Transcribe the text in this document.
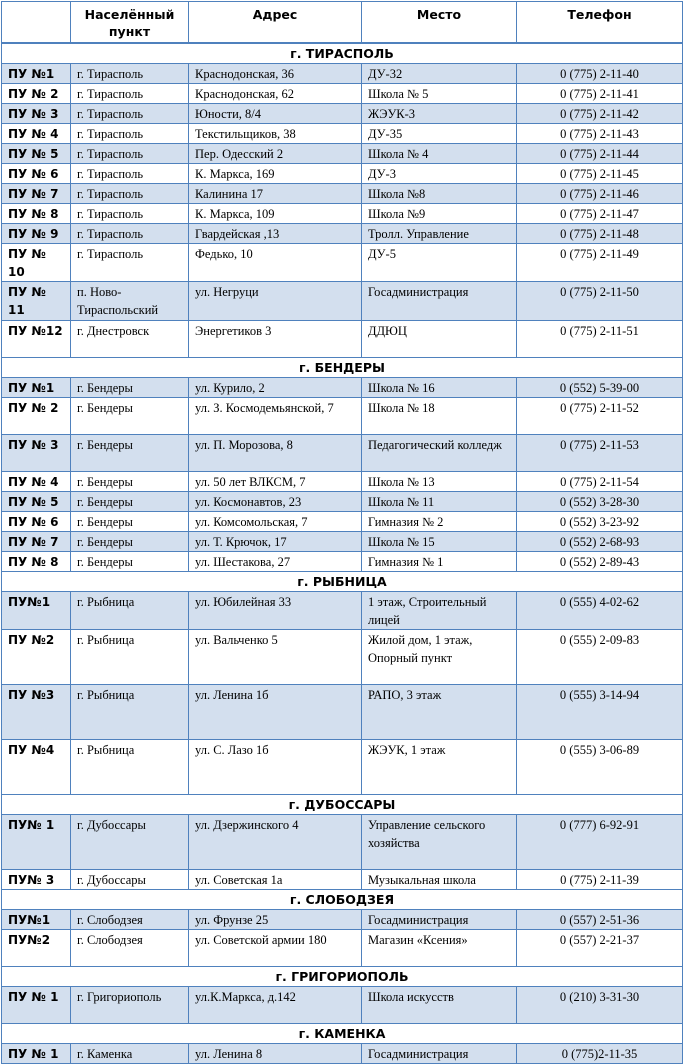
	Населённый пункт	Адрес	Место	Телефон
г. ТИРАСПОЛЬ				
ПУ №1	г. Тирасполь	Краснодонская, 36	ДУ-32	0 (775) 2-11-40
ПУ № 2	г. Тирасполь	Краснодонская, 62	Школа № 5	0 (775) 2-11-41
ПУ № 3	г. Тирасполь	Юности, 8/4	ЖЭУК-3	0 (775) 2-11-42
ПУ № 4	г. Тирасполь	Текстильщиков, 38	ДУ-35	0 (775) 2-11-43
ПУ № 5	г. Тирасполь	Пер. Одесский 2	Школа № 4	0 (775) 2-11-44
ПУ № 6	г. Тирасполь	К. Маркса, 169	ДУ-3	0 (775) 2-11-45
ПУ № 7	г. Тирасполь	Калинина 17	Школа №8	0 (775) 2-11-46
ПУ № 8	г. Тирасполь	К. Маркса, 109	Школа №9	0 (775) 2-11-47
ПУ № 9	г. Тирасполь	Гвардейская ,13	Тролл. Управление	0 (775) 2-11-48
ПУ № 10	г. Тирасполь	Федько, 10	ДУ-5	0 (775) 2-11-49
ПУ № 11	п. Ново-Тираспольский	ул. Негруци	Госадминистрация	0 (775) 2-11-50
ПУ №12	г. Днестровск	Энергетиков 3	ДДЮЦ	0 (775) 2-11-51
г. БЕНДЕРЫ				
ПУ №1	г. Бендеры	ул. Курило, 2	Школа № 16	0 (552) 5-39-00
ПУ № 2	г. Бендеры	ул. З. Космодемьянской, 7	Школа № 18	0 (775) 2-11-52
ПУ № 3	г. Бендеры	ул. П. Морозова, 8	Педагогический колледж	0 (775) 2-11-53
ПУ № 4	г. Бендеры	ул. 50 лет ВЛКСМ, 7	Школа № 13	0 (775) 2-11-54
ПУ № 5	г. Бендеры	ул. Космонавтов, 23	Школа № 11	0 (552) 3-28-30
ПУ № 6	г. Бендеры	ул. Комсомольская, 7	Гимназия № 2	0 (552) 3-23-92
ПУ № 7	г. Бендеры	ул. Т. Крючок, 17	Школа № 15	0 (552) 2-68-93
ПУ № 8	г. Бендеры	ул. Шестакова, 27	Гимназия № 1	0 (552) 2-89-43
г. РЫБНИЦА				
ПУ№1	г. Рыбница	ул. Юбилейная 33	1 этаж, Строительный лицей	0 (555) 4-02-62
ПУ №2	г. Рыбница	ул. Вальченко 5	Жилой дом, 1 этаж, Опорный пункт	0 (555) 2-09-83
ПУ №3	г. Рыбница	ул. Ленина 1б	РАПО, 3 этаж	0 (555) 3-14-94
ПУ №4	г. Рыбница	ул. С. Лазо 1б	ЖЭУК, 1 этаж	0 (555) 3-06-89
г. ДУБОССАРЫ				
ПУ№ 1	г. Дубоссары	ул. Дзержинского 4	Управление сельского хозяйства	0 (777) 6-92-91
ПУ№ 3	г. Дубоссары	ул. Советская 1а	Музыкальная школа	0 (775) 2-11-39
г. СЛОБОДЗЕЯ				
ПУ№1	г. Слободзея	ул. Фрунзе 25	Госадминистрация	0 (557) 2-51-36
ПУ№2	г. Слободзея	ул. Советской армии 180	Магазин «Ксения»	0 (557) 2-21-37
г. ГРИГОРИОПОЛЬ				
ПУ № 1	г. Григориополь	ул.К.Маркса, д.142	Школа искусств	0 (210) 3-31-30
г. КАМЕНКА				
ПУ № 1	г. Каменка	ул. Ленина 8	Госадминистрация	0 (775)2-11-35
